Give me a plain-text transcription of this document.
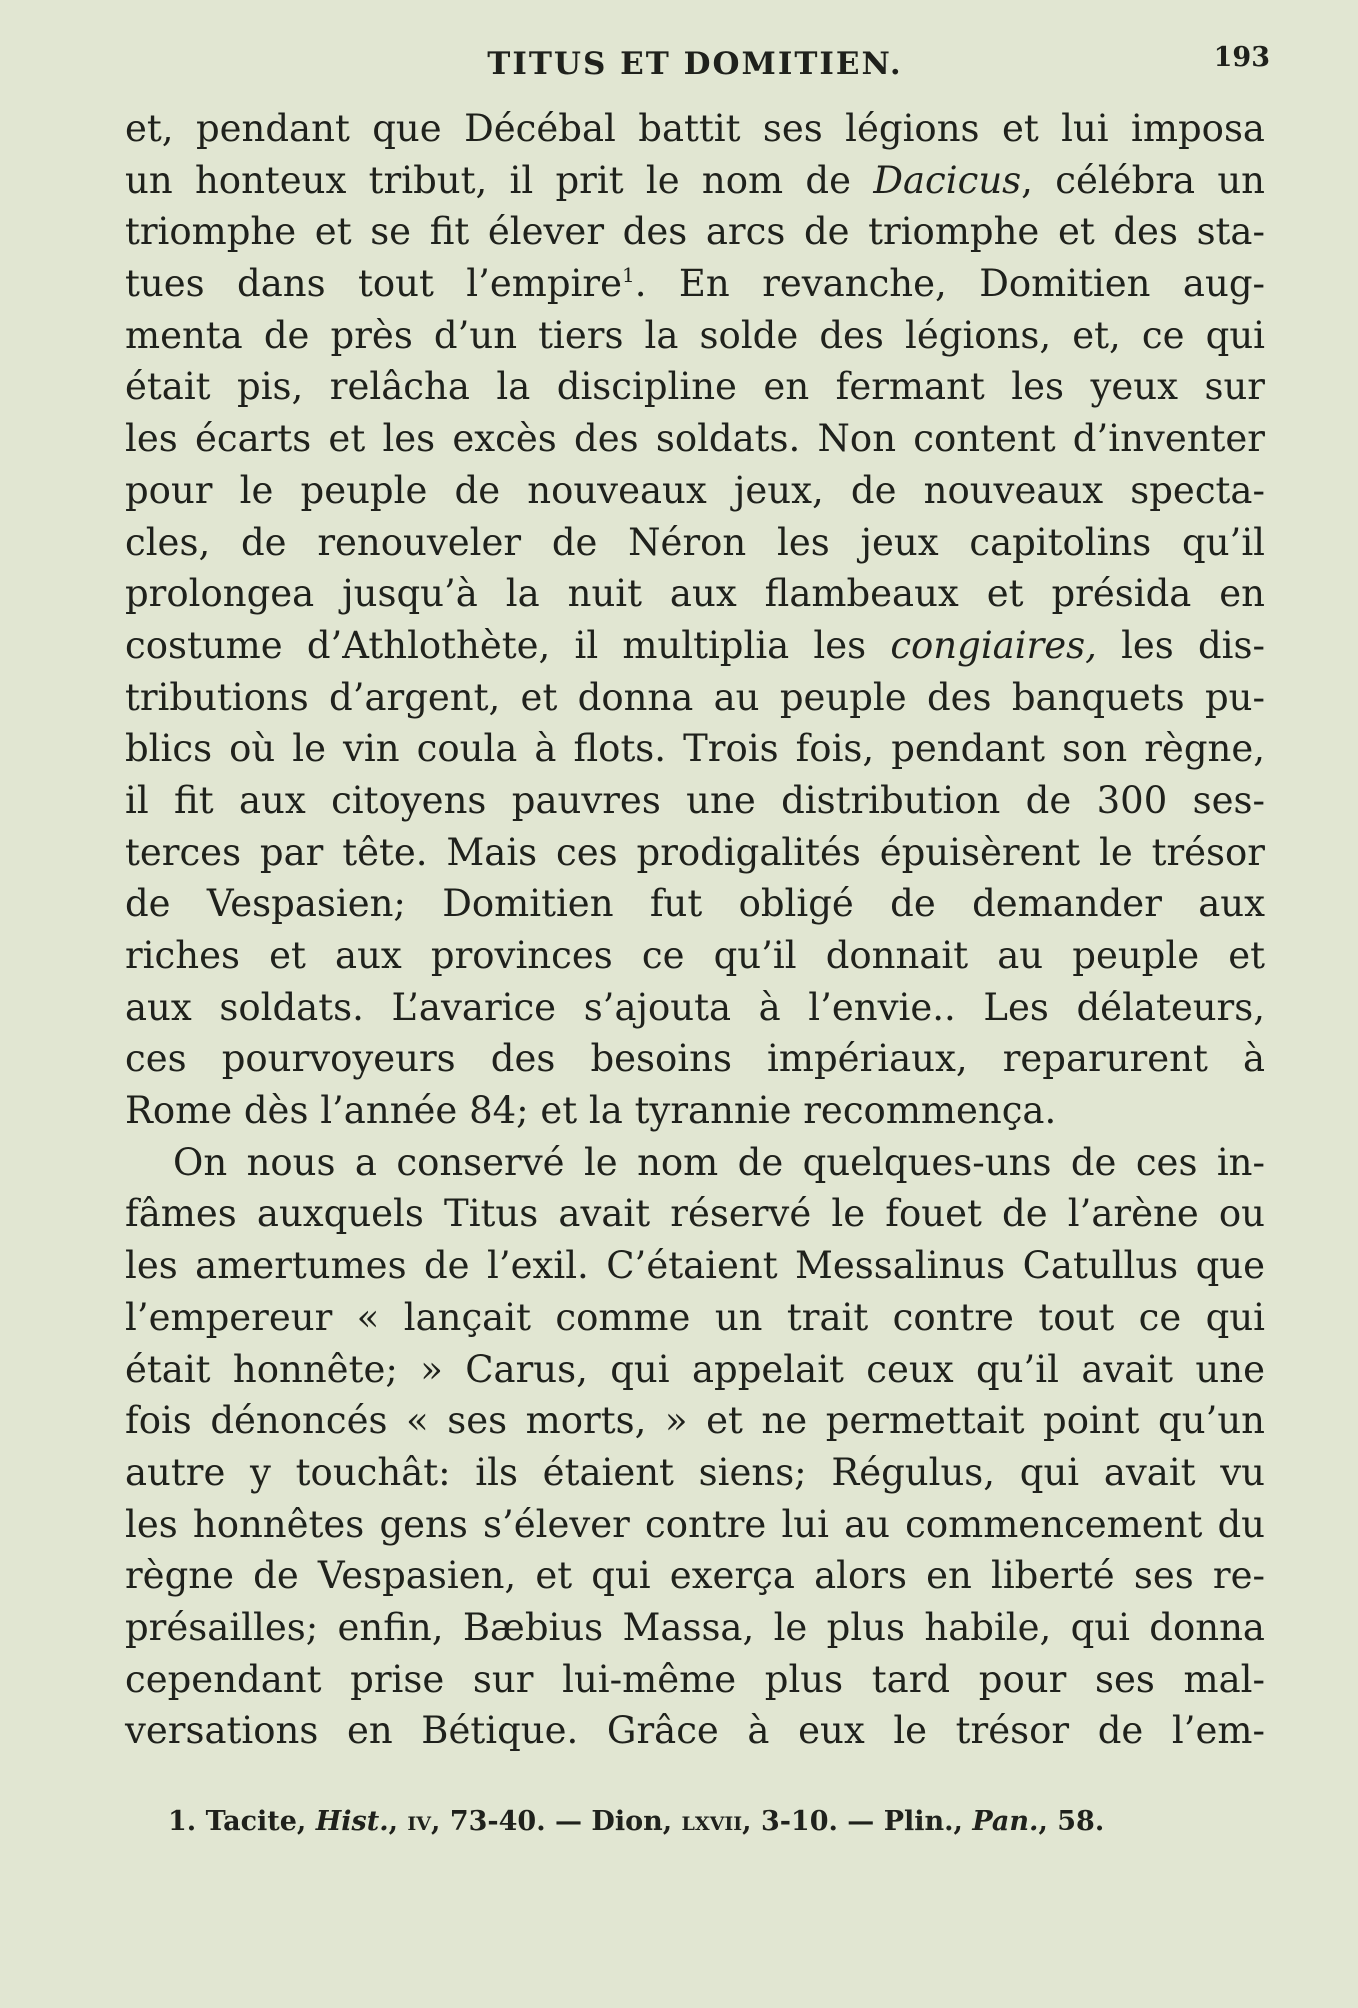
TITUS ET DOMITIEN.	193
et, pendant que Décébal battit ses légions et lui imposa
un honteux tribut, il prit le nom de Dacicus, célébra un
triomphe et se fit élever des arcs de triomphe et des sta-
tues dans tout l’empire$^1$. En revanche, Domitien aug-
menta de près d’un tiers la solde des légions, et, ce qui
était pis, relâcha la discipline en fermant les yeux sur
les écarts et les excès des soldats. Non content d’inventer
pour le peuple de nouveaux jeux, de nouveaux specta-
cles, de renouveler de Néron les jeux capitolins qu’il
prolongea jusqu’à la nuit aux flambeaux et présida en
costume d’Athlothète, il multiplia les congiaires, les dis-
tributions d’argent, et donna au peuple des banquets pu-
blics où le vin coula à flots. Trois fois, pendant son règne,
il fit aux citoyens pauvres une distribution de 300 ses-
terces par tête. Mais ces prodigalités épuisèrent le trésor
de Vespasien; Domitien fut obligé de demander aux
riches et aux provinces ce qu’il donnait au peuple et
aux soldats. L’avarice s’ajouta à l’envie.. Les délateurs,
ces pourvoyeurs des besoins impériaux, reparurent à
Rome dès l’année 84; et la tyrannie recommença.
On nous a conservé le nom de quelques-uns de ces in-
fâmes auxquels Titus avait réservé le fouet de l’arène ou
les amertumes de l’exil. C’étaient Messalinus Catullus que
l’empereur « lançait comme un trait contre tout ce qui
était honnête; » Carus, qui appelait ceux qu’il avait une
fois dénoncés « ses morts, » et ne permettait point qu’un
autre y touchât: ils étaient siens; Régulus, qui avait vu
les honnêtes gens s’élever contre lui au commencement du
règne de Vespasien, et qui exerça alors en liberté ses re-
présailles; enfin, Bæbius Massa, le plus habile, qui donna
cependant prise sur lui-même plus tard pour ses mal-
versations en Bétique. Grâce à eux le trésor de l’em-
1. Tacite, Hist., iv, 73-40. — Dion, lxvii, 3-10. — Plin., Pan., 58.
